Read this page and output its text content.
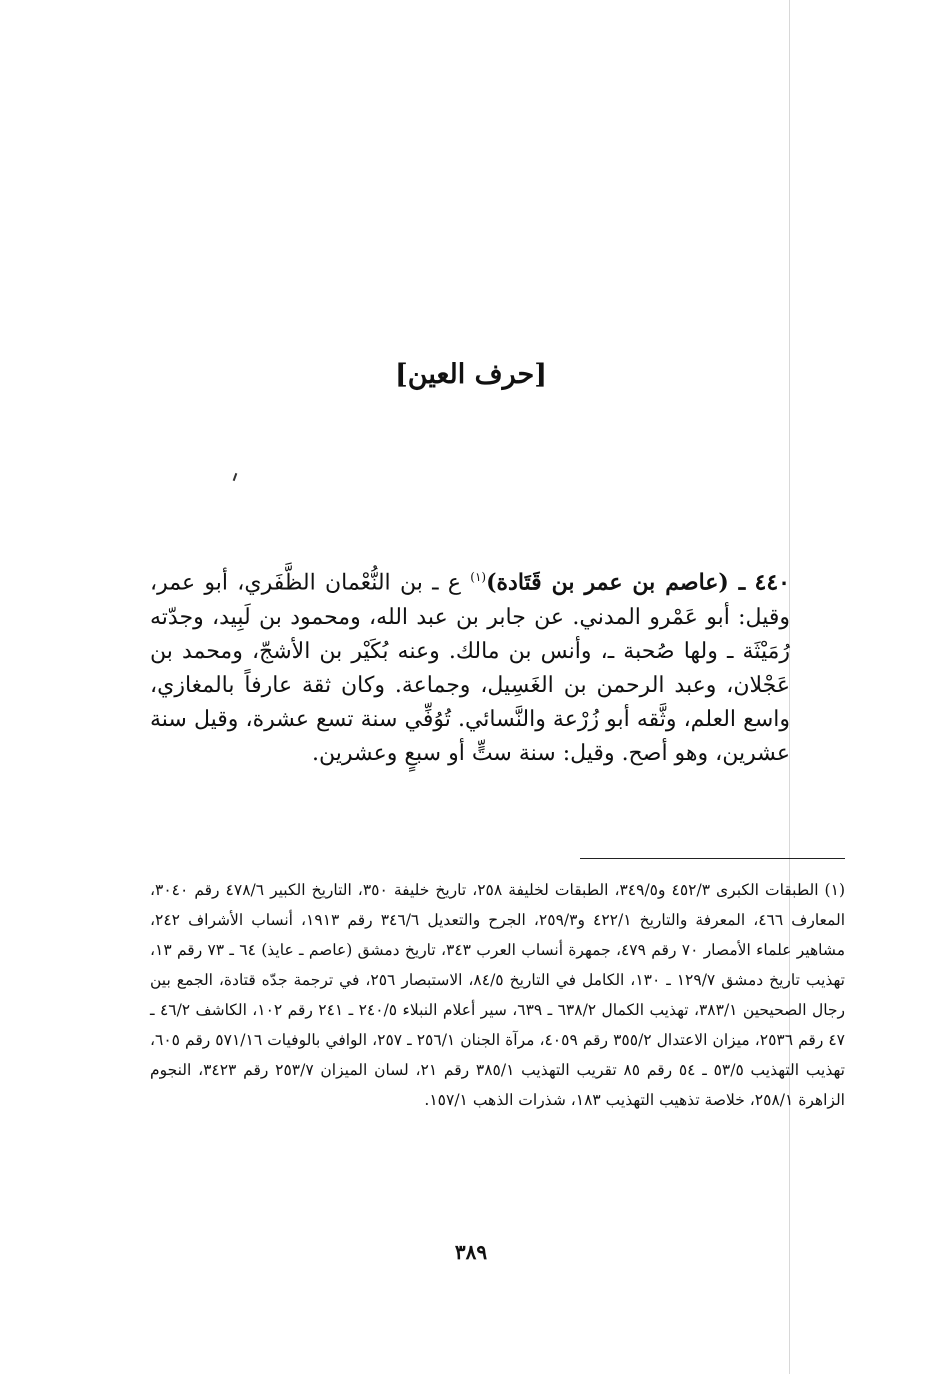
[حرف العين]
٤٤٠ ـ (عاصم بن عمر بن قَتَادة)$^{(١)}$ ع ـ بن النُّعْمان الظَّفَري، أبو عمر، وقيل: أبو عَمْرو المدني. عن جابر بن عبد الله، ومحمود بن لَبِيد، وجدّته رُمَيْثَة ـ ولها صُحبة ـ، وأنس بن مالك. وعنه بُكَيْر بن الأشجّ، ومحمد بن عَجْلان، وعبد الرحمن بن الغَسِيل، وجماعة. وكان ثقة عارفاً بالمغازي، واسع العلم، وثَّقه أبو زُرْعة والنَّسائي. تُوُفِّي سنة تسع عشرة، وقيل سنة عشرين، وهو أصح. وقيل: سنة ستٍّ أو سبعٍ وعشرين.
(١) الطبقات الكبرى ٤٥٢/٣ و٣٤٩/٥، الطبقات لخليفة ٢٥٨، تاريخ خليفة ٣٥٠، التاريخ الكبير ٤٧٨/٦ رقم ٣٠٤٠، المعارف ٤٦٦، المعرفة والتاريخ ٤٢٢/١ و٢٥٩/٣، الجرح والتعديل ٣٤٦/٦ رقم ١٩١٣، أنساب الأشراف ٢٤٢، مشاهير علماء الأمصار ٧٠ رقم ٤٧٩، جمهرة أنساب العرب ٣٤٣، تاريخ دمشق (عاصم ـ عايذ) ٦٤ ـ ٧٣ رقم ١٣، تهذيب تاريخ دمشق ١٢٩/٧ ـ ١٣٠، الكامل في التاريخ ٨٤/٥، الاستبصار ٢٥٦، في ترجمة جدّه قتادة، الجمع بين رجال الصحيحين ٣٨٣/١، تهذيب الكمال ٦٣٨/٢ ـ ٦٣٩، سير أعلام النبلاء ٢٤٠/٥ ـ ٢٤١ رقم ١٠٢، الكاشف ٤٦/٢ ـ ٤٧ رقم ٢٥٣٦، ميزان الاعتدال ٣٥٥/٢ رقم ٤٠٥٩، مرآة الجنان ٢٥٦/١ ـ ٢٥٧، الوافي بالوفيات ٥٧١/١٦ رقم ٦٠٥، تهذيب التهذيب ٥٣/٥ ـ ٥٤ رقم ٨٥ تقريب التهذيب ٣٨٥/١ رقم ٢١، لسان الميزان ٢٥٣/٧ رقم ٣٤٢٣، النجوم الزاهرة ٢٥٨/١، خلاصة تذهيب التهذيب ١٨٣، شذرات الذهب ١٥٧/١.
٣٨٩
